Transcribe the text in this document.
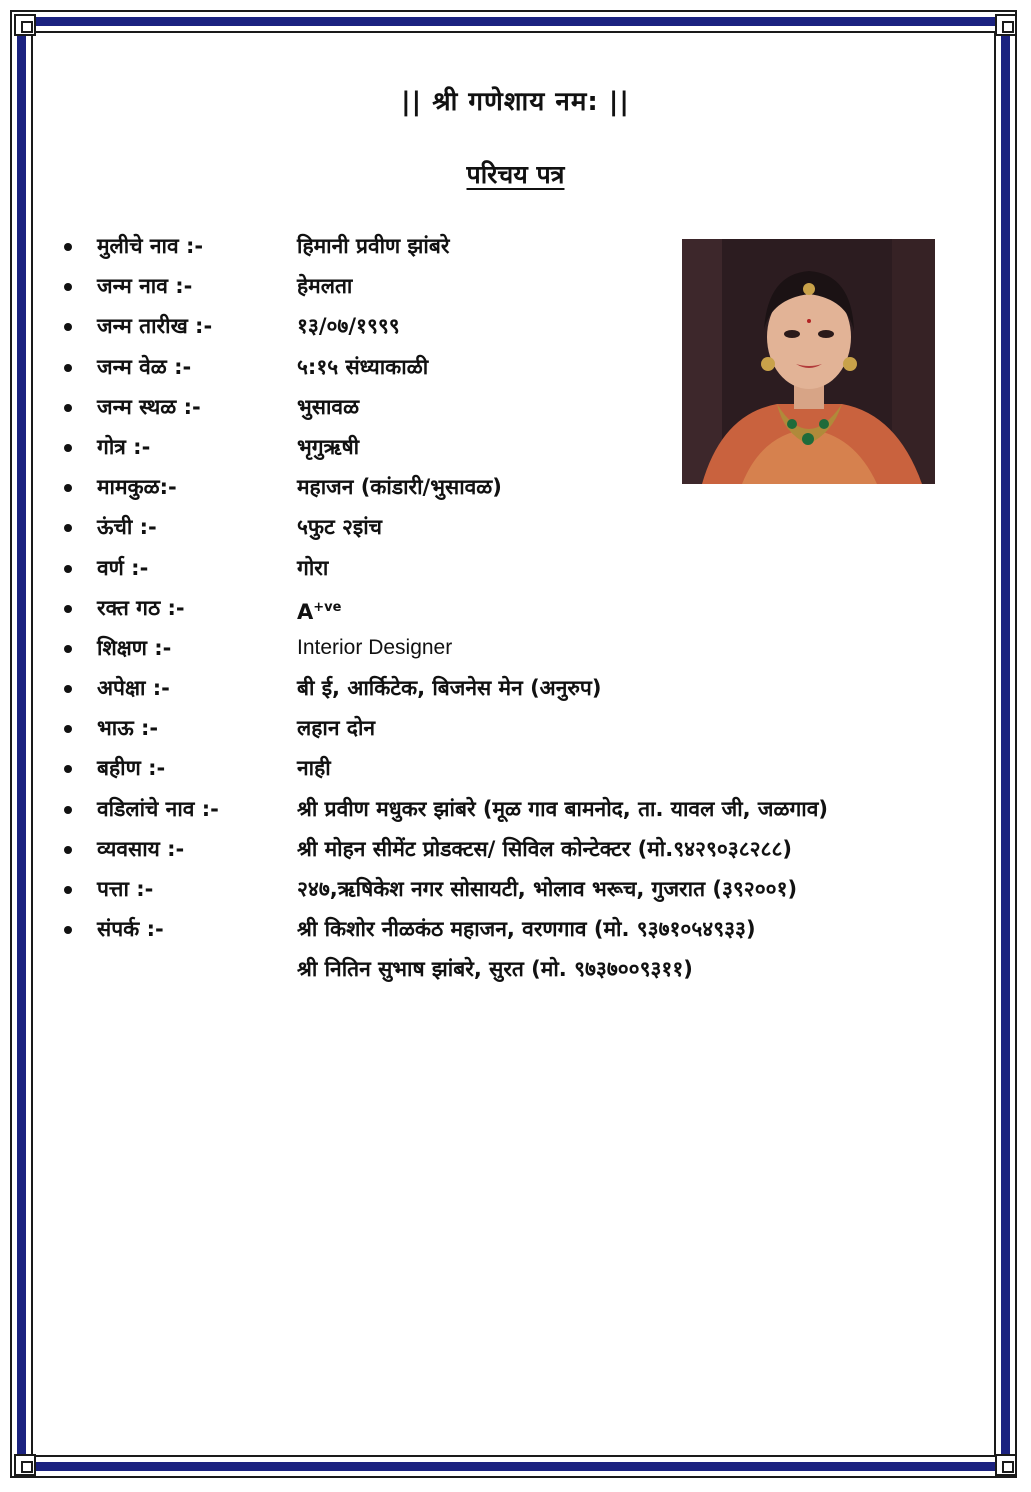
|| श्री गणेशाय नम: ||
परिचय पत्र
मुलीचे नाव :-	हिमानी प्रवीण झांबरे
जन्म नाव :-	हेमलता
जन्म तारीख :-	१३/०७/१९९९
जन्म वेळ :-	५:१५ संध्याकाळी
जन्म स्थळ :-	भुसावळ
गोत्र :-	भृगुऋषी
मामकुळ:-	महाजन (कांडारी/भुसावळ)
ऊंची :-	५फुट २इांच
वर्ण :-	गोरा
रक्त गठ :-	$A^{+ve}$
शिक्षण :-	Interior Designer
अपेक्षा :-	बी ई, आर्किटेक, बिजनेस मेन (अनुरुप)
भाऊ :-	लहान दोन
बहीण :-	नाही
वडिलांचे नाव :-	श्री प्रवीण मधुकर झांबरे (मूळ गाव बामनोद, ता. यावल जी, जळगाव)
व्यवसाय :-	श्री मोहन सीमेंट प्रोडक्टस/ सिविल कोन्टेक्टर (मो.९४२९०३८२८८)
पत्ता :-	२४७,ऋषिकेश नगर सोसायटी, भोलाव भरूच, गुजरात (३९२००१)
संपर्क :-	श्री किशोर नीळकंठ महाजन, वरणगाव (मो. ९३७१०५४९३३)
श्री नितिन सुभाष झांबरे, सुरत (मो. ९७३७००९३११)
